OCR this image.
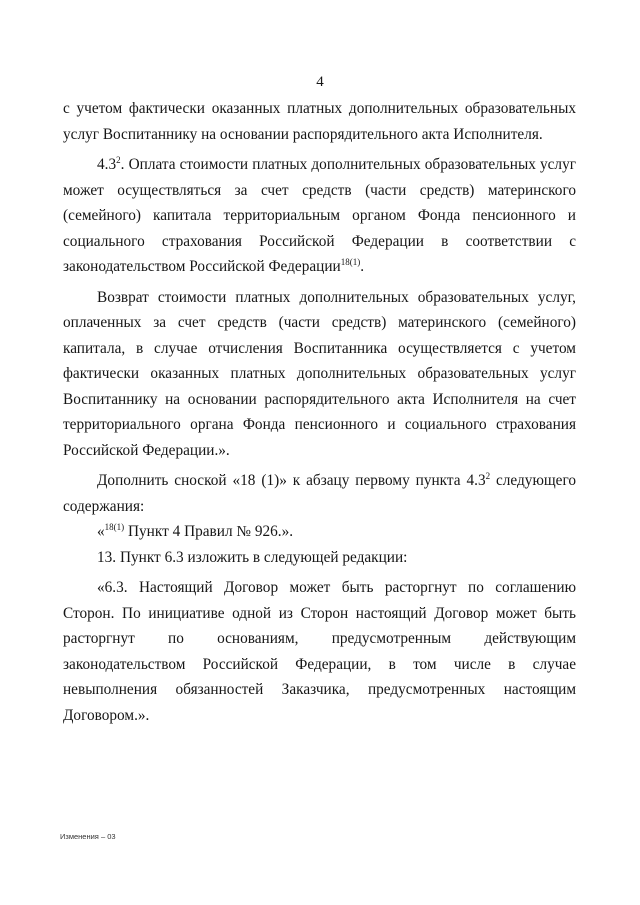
4

с учетом фактически оказанных платных дополнительных образовательных услуг Воспитаннику на основании распорядительного акта Исполнителя.

$4.3^2$. Оплата стоимости платных дополнительных образовательных услуг может осуществляться за счет средств (части средств) материнского (семейного) капитала территориальным органом Фонда пенсионного и социального страхования Российской Федерации в соответствии с законодательством Российской Федерации$^{18(1)}$.

Возврат стоимости платных дополнительных образовательных услуг, оплаченных за счет средств (части средств) материнского (семейного) капитала, в случае отчисления Воспитанника осуществляется с учетом фактически оказанных платных дополнительных образовательных услуг Воспитаннику на основании распорядительного акта Исполнителя на счет территориального органа Фонда пенсионного и социального страхования Российской Федерации.».

Дополнить сноской «18 (1)» к абзацу первому пункта $4.3^2$ следующего содержания:

«$^{18(1)}$ Пункт 4 Правил № 926.».

13. Пункт 6.3 изложить в следующей редакции:

«6.3. Настоящий Договор может быть расторгнут по соглашению Сторон. По инициативе одной из Сторон настоящий Договор может быть расторгнут по основаниям, предусмотренным действующим законодательством Российской Федерации, в том числе в случае невыполнения обязанностей Заказчика, предусмотренных настоящим Договором.».

Изменения – 03
